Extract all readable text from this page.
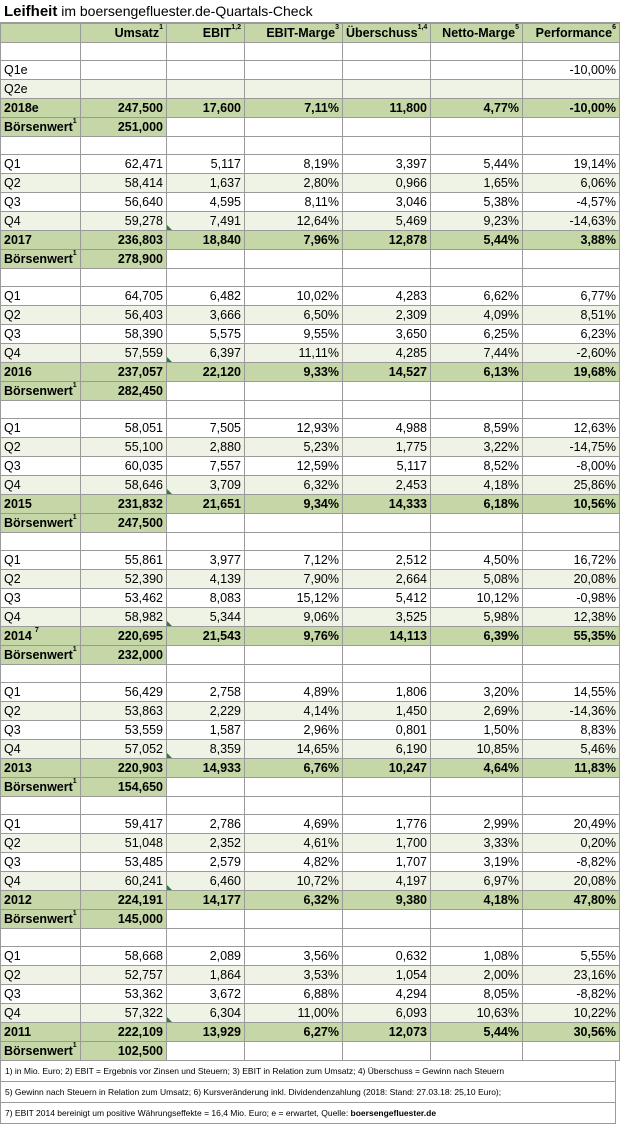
Leifheit im boersengefluester.de-Quartals-Check
	Umsatz$^1$	EBIT$^{1,2}$	EBIT-Marge$^3$	Überschuss$^{1,4}$	Netto-Marge$^5$	Performance$^6$

Q1e						-10,00%
Q2e						
2018e	247,500	17,600	7,11%	11,800	4,77%	-10,00%
Börsenwert$^1$	251,000					

Q1	62,471	5,117	8,19%	3,397	5,44%	19,14%
Q2	58,414	1,637	2,80%	0,966	1,65%	6,06%
Q3	56,640	4,595	8,11%	3,046	5,38%	-4,57%
Q4	59,278	7,491	12,64%	5,469	9,23%	-14,63%
2017	236,803	18,840	7,96%	12,878	5,44%	3,88%
Börsenwert$^1$	278,900					

Q1	64,705	6,482	10,02%	4,283	6,62%	6,77%
Q2	56,403	3,666	6,50%	2,309	4,09%	8,51%
Q3	58,390	5,575	9,55%	3,650	6,25%	6,23%
Q4	57,559	6,397	11,11%	4,285	7,44%	-2,60%
2016	237,057	22,120	9,33%	14,527	6,13%	19,68%
Börsenwert$^1$	282,450					

Q1	58,051	7,505	12,93%	4,988	8,59%	12,63%
Q2	55,100	2,880	5,23%	1,775	3,22%	-14,75%
Q3	60,035	7,557	12,59%	5,117	8,52%	-8,00%
Q4	58,646	3,709	6,32%	2,453	4,18%	25,86%
2015	231,832	21,651	9,34%	14,333	6,18%	10,56%
Börsenwert$^1$	247,500					

Q1	55,861	3,977	7,12%	2,512	4,50%	16,72%
Q2	52,390	4,139	7,90%	2,664	5,08%	20,08%
Q3	53,462	8,083	15,12%	5,412	10,12%	-0,98%
Q4	58,982	5,344	9,06%	3,525	5,98%	12,38%
2014 $^7$	220,695	21,543	9,76%	14,113	6,39%	55,35%
Börsenwert$^1$	232,000					

Q1	56,429	2,758	4,89%	1,806	3,20%	14,55%
Q2	53,863	2,229	4,14%	1,450	2,69%	-14,36%
Q3	53,559	1,587	2,96%	0,801	1,50%	8,83%
Q4	57,052	8,359	14,65%	6,190	10,85%	5,46%
2013	220,903	14,933	6,76%	10,247	4,64%	11,83%
Börsenwert$^1$	154,650					

Q1	59,417	2,786	4,69%	1,776	2,99%	20,49%
Q2	51,048	2,352	4,61%	1,700	3,33%	0,20%
Q3	53,485	2,579	4,82%	1,707	3,19%	-8,82%
Q4	60,241	6,460	10,72%	4,197	6,97%	20,08%
2012	224,191	14,177	6,32%	9,380	4,18%	47,80%
Börsenwert$^1$	145,000					

Q1	58,668	2,089	3,56%	0,632	1,08%	5,55%
Q2	52,757	1,864	3,53%	1,054	2,00%	23,16%
Q3	53,362	3,672	6,88%	4,294	8,05%	-8,82%
Q4	57,322	6,304	11,00%	6,093	10,63%	10,22%
2011	222,109	13,929	6,27%	12,073	5,44%	30,56%
Börsenwert$^1$	102,500					
1) in Mio. Euro; 2) EBIT = Ergebnis vor Zinsen und Steuern; 3) EBIT in Relation zum Umsatz; 4) Überschuss = Gewinn nach Steuern
5) Gewinn nach Steuern in Relation zum Umsatz; 6) Kursveränderung inkl. Dividendenzahlung (2018: Stand: 27.03.18: 25,10 Euro);
7) EBIT 2014 bereinigt um positive Währungseffekte = 16,4 Mio. Euro; e = erwartet, Quelle: boersengefluester.de
